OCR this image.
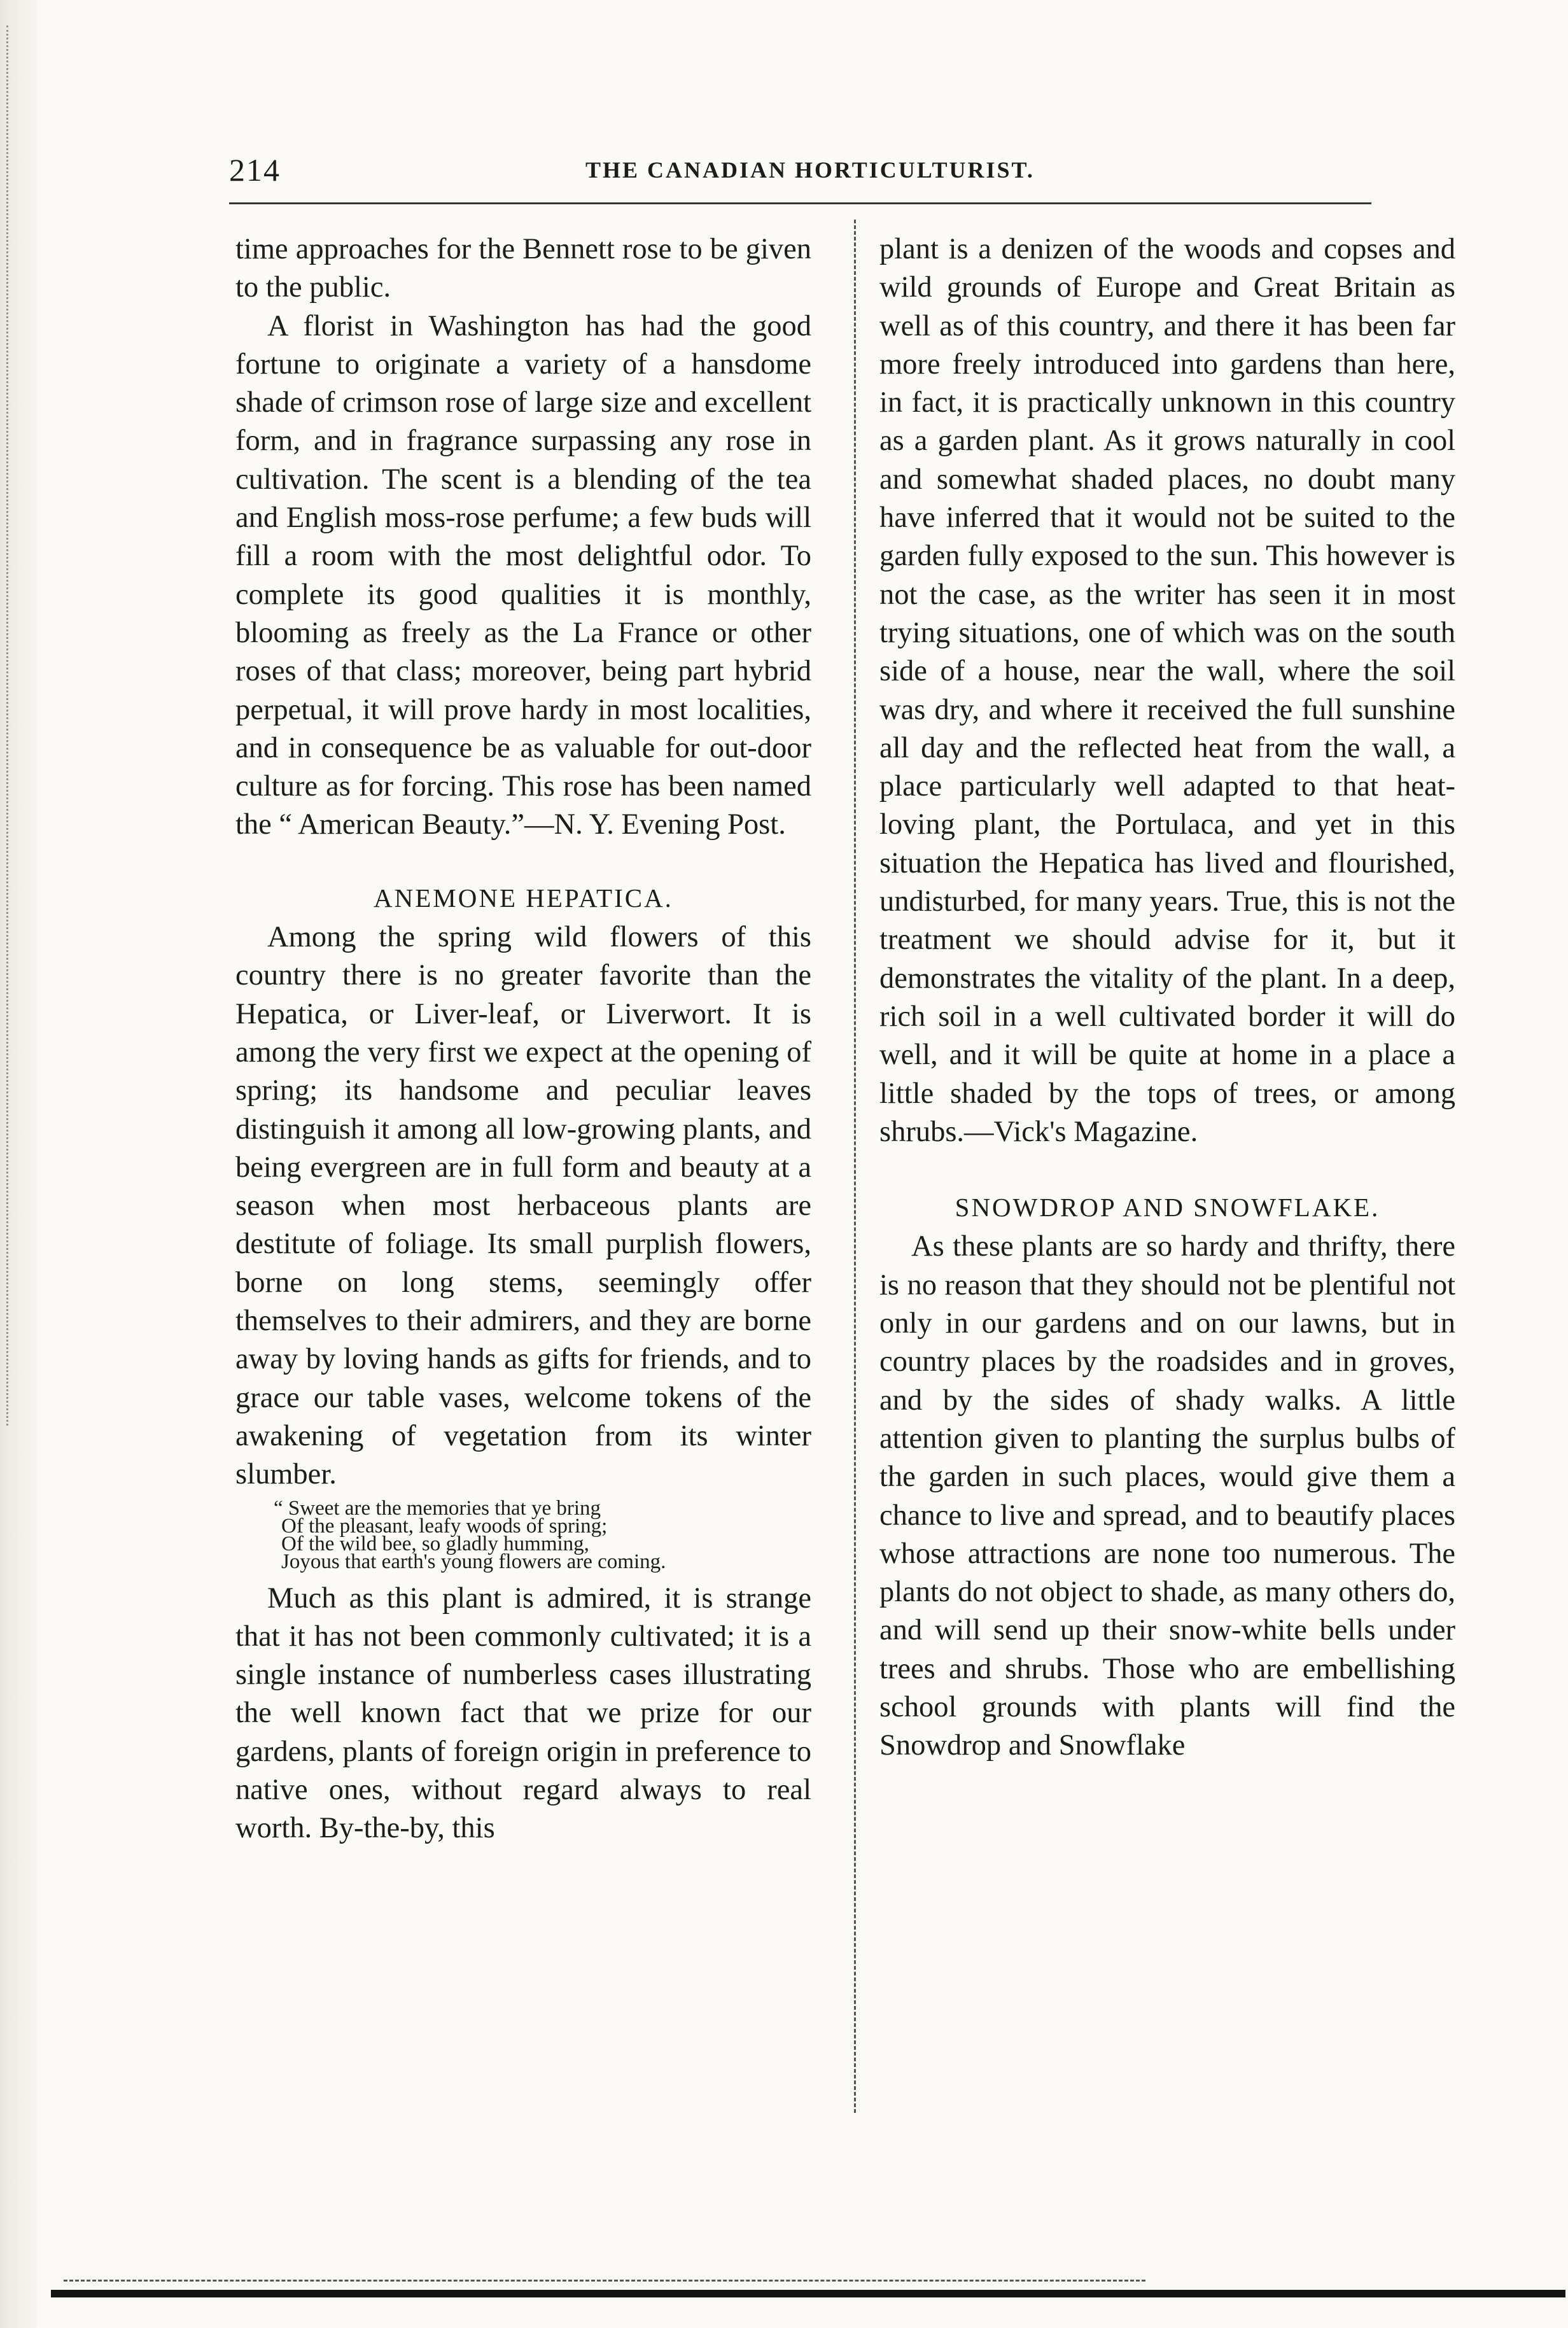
214	THE CANADIAN HORTICULTURIST.

time approaches for the Bennett rose to be given to the public.

A florist in Washington has had the good fortune to originate a variety of a hansdome shade of crimson rose of large size and excellent form, and in fragrance surpassing any rose in cultivation. The scent is a blending of the tea and English moss-rose perfume; a few buds will fill a room with the most delightful odor. To complete its good qualities it is monthly, blooming as freely as the La France or other roses of that class; moreover, being part hybrid perpetual, it will prove hardy in most localities, and in consequence be as valuable for out-door culture as for forcing. This rose has been named the “ American Beauty.”—N. Y. Evening Post.

ANEMONE HEPATICA.

Among the spring wild flowers of this country there is no greater favorite than the Hepatica, or Liver-leaf, or Liverwort. It is among the very first we expect at the opening of spring; its handsome and peculiar leaves distinguish it among all low-growing plants, and being evergreen are in full form and beauty at a season when most herbaceous plants are destitute of foliage. Its small purplish flowers, borne on long stems, seemingly offer themselves to their admirers, and they are borne away by loving hands as gifts for friends, and to grace our table vases, welcome tokens of the awakening of vegetation from its winter slumber.

“ Sweet are the memories that ye bring
Of the pleasant, leafy woods of spring;
Of the wild bee, so gladly humming,
Joyous that earth's young flowers are coming.

Much as this plant is admired, it is strange that it has not been commonly cultivated; it is a single instance of numberless cases illustrating the well known fact that we prize for our gardens, plants of foreign origin in preference to native ones, without regard always to real worth. By-the-by, this

plant is a denizen of the woods and copses and wild grounds of Europe and Great Britain as well as of this country, and there it has been far more freely introduced into gardens than here, in fact, it is practically unknown in this country as a garden plant. As it grows naturally in cool and somewhat shaded places, no doubt many have inferred that it would not be suited to the garden fully exposed to the sun. This however is not the case, as the writer has seen it in most trying situations, one of which was on the south side of a house, near the wall, where the soil was dry, and where it received the full sunshine all day and the reflected heat from the wall, a place particularly well adapted to that heat-loving plant, the Portulaca, and yet in this situation the Hepatica has lived and flourished, undisturbed, for many years. True, this is not the treatment we should advise for it, but it demonstrates the vitality of the plant. In a deep, rich soil in a well cultivated border it will do well, and it will be quite at home in a place a little shaded by the tops of trees, or among shrubs.—Vick's Magazine.

SNOWDROP AND SNOWFLAKE.

As these plants are so hardy and thrifty, there is no reason that they should not be plentiful not only in our gardens and on our lawns, but in country places by the roadsides and in groves, and by the sides of shady walks. A little attention given to planting the surplus bulbs of the garden in such places, would give them a chance to live and spread, and to beautify places whose attractions are none too numerous. The plants do not object to shade, as many others do, and will send up their snow-white bells under trees and shrubs. Those who are embellishing school grounds with plants will find the Snowdrop and Snowflake
